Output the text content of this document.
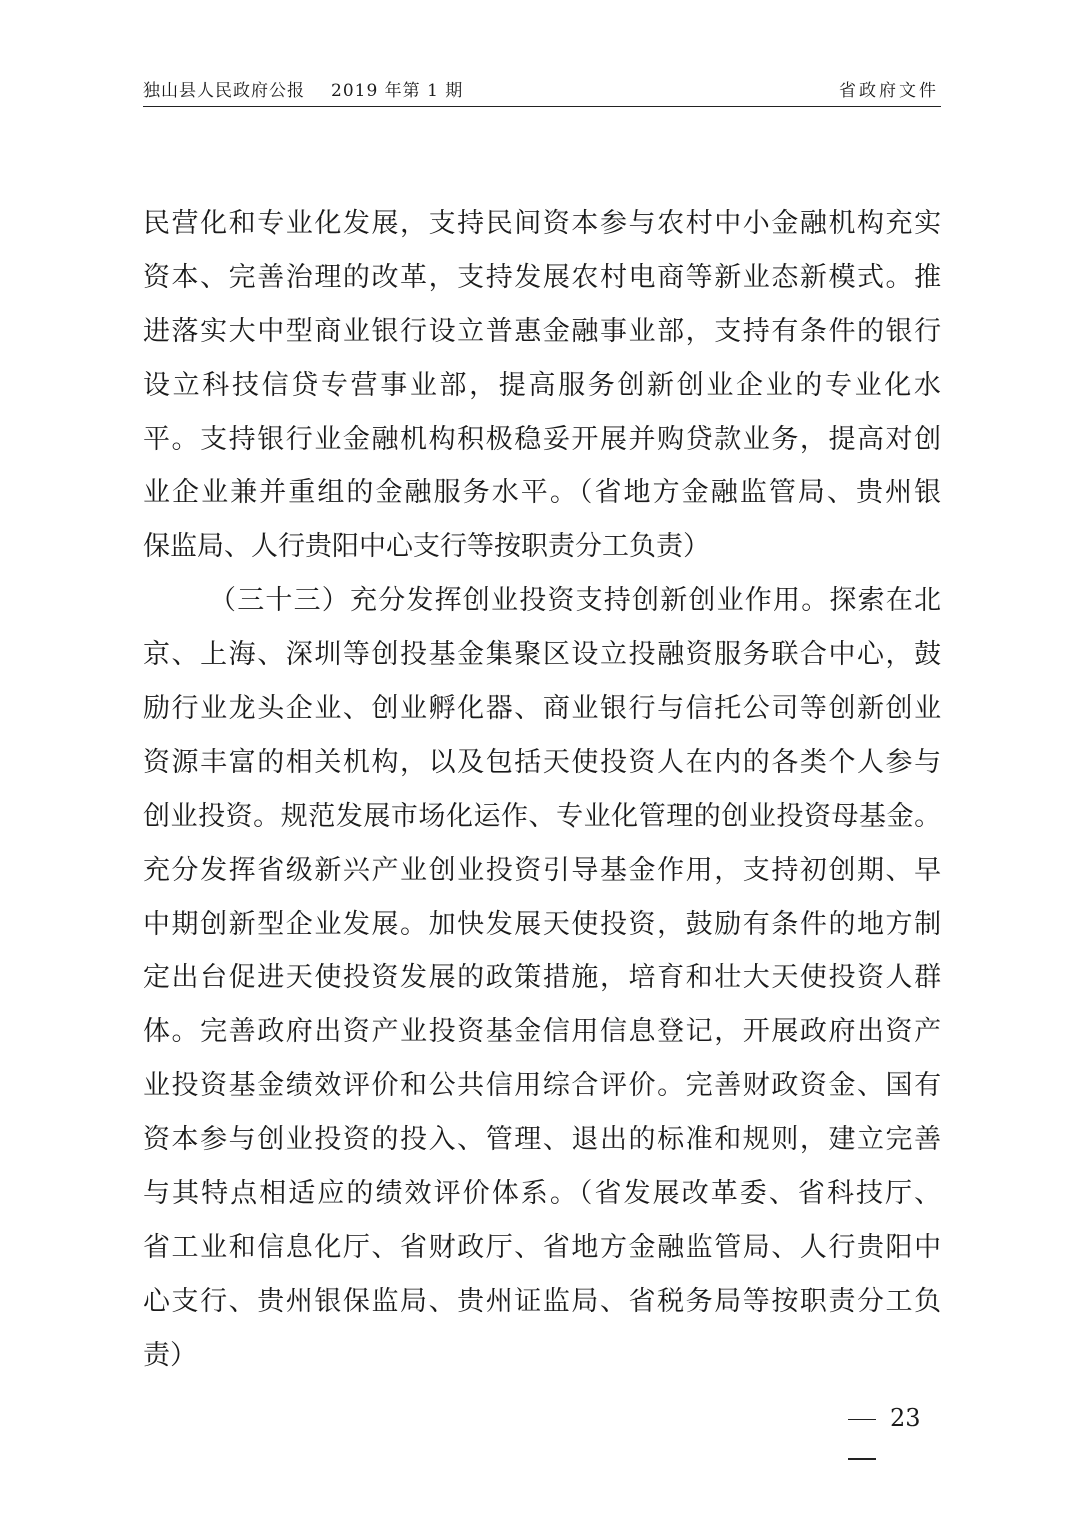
独山县人民政府公报 2019 年第 1 期	省政府文件
民营化和专业化发展，支持民间资本参与农村中小金融机构充实
资本、完善治理的改革，支持发展农村电商等新业态新模式。推
进落实大中型商业银行设立普惠金融事业部，支持有条件的银行
设立科技信贷专营事业部，提高服务创新创业企业的专业化水
平。支持银行业金融机构积极稳妥开展并购贷款业务，提高对创
业企业兼并重组的金融服务水平。（省地方金融监管局、贵州银
保监局、人行贵阳中心支行等按职责分工负责）
（三十三）充分发挥创业投资支持创新创业作用。探索在北
京、上海、深圳等创投基金集聚区设立投融资服务联合中心，鼓
励行业龙头企业、创业孵化器、商业银行与信托公司等创新创业
资源丰富的相关机构，以及包括天使投资人在内的各类个人参与
创业投资。规范发展市场化运作、专业化管理的创业投资母基金。
充分发挥省级新兴产业创业投资引导基金作用，支持初创期、早
中期创新型企业发展。加快发展天使投资，鼓励有条件的地方制
定出台促进天使投资发展的政策措施，培育和壮大天使投资人群
体。完善政府出资产业投资基金信用信息登记，开展政府出资产
业投资基金绩效评价和公共信用综合评价。完善财政资金、国有
资本参与创业投资的投入、管理、退出的标准和规则，建立完善
与其特点相适应的绩效评价体系。（省发展改革委、省科技厅、
省工业和信息化厅、省财政厅、省地方金融监管局、人行贵阳中
心支行、贵州银保监局、贵州证监局、省税务局等按职责分工负
责）
23
